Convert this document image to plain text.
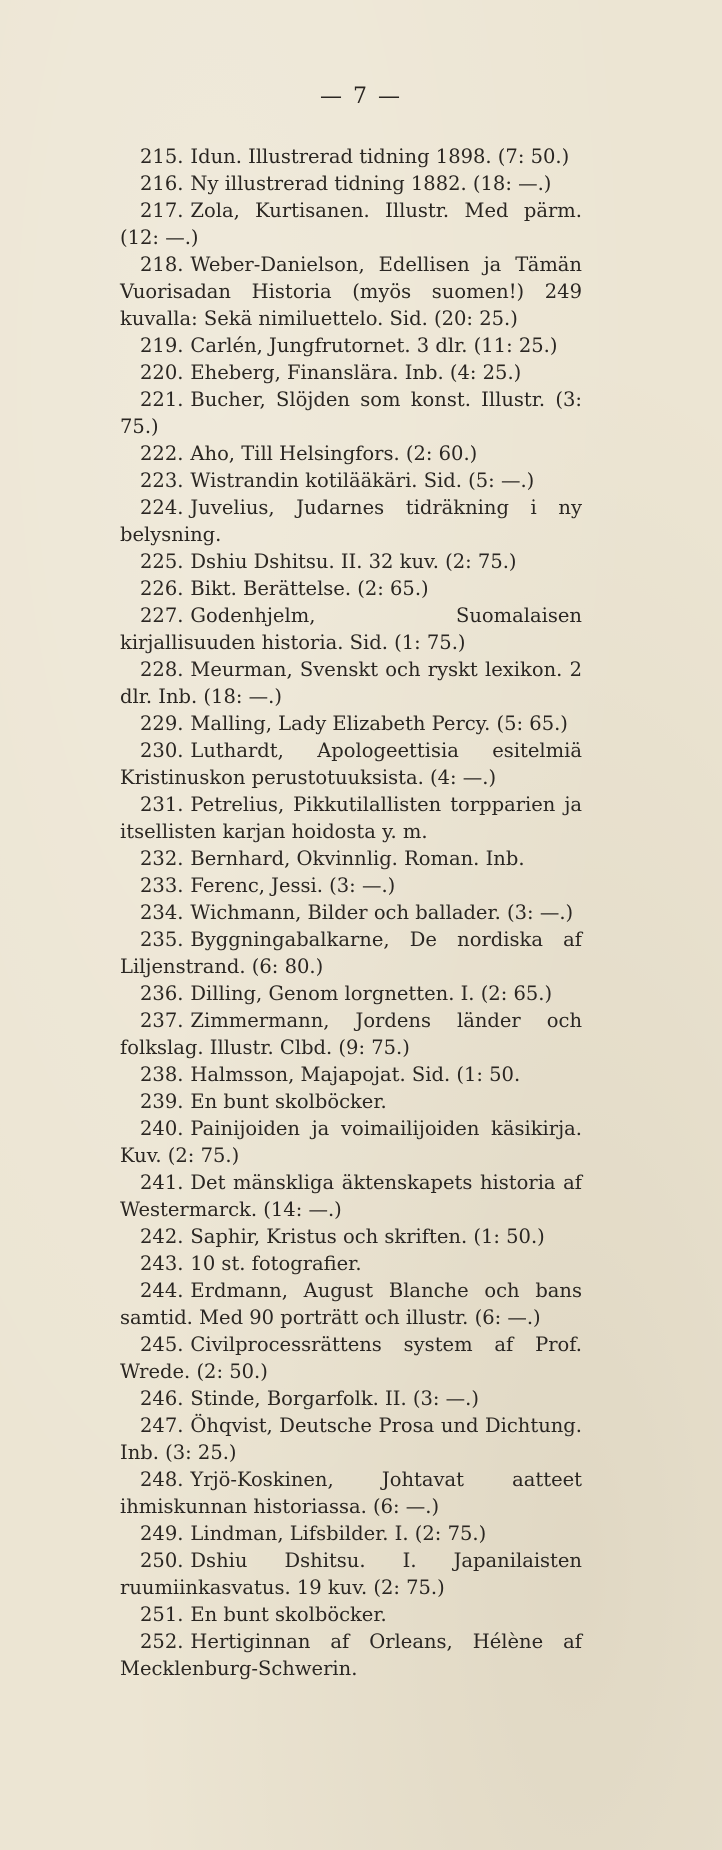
— 7 —

215. Idun. Illustrerad tidning 1898. (7: 50.)

216. Ny illustrerad tidning 1882. (18: —.)

217. Zola, Kurtisanen. Illustr. Med pärm. (12: —.)

218. Weber-Danielson, Edellisen ja Tämän Vuorisadan Historia (myös suomen!) 249 kuvalla: Sekä nimiluettelo. Sid. (20: 25.)

219. Carlén, Jungfrutornet. 3 dlr. (11: 25.)

220. Eheberg, Finanslära. Inb. (4: 25.)

221. Bucher, Slöjden som konst. Illustr. (3: 75.)

222. Aho, Till Helsingfors. (2: 60.)

223. Wistrandin kotilääkäri. Sid. (5: —.)

224. Juvelius, Judarnes tidräkning i ny belysning.

225. Dshiu Dshitsu. II. 32 kuv. (2: 75.)

226. Bikt. Berättelse. (2: 65.)

227. Godenhjelm, Suomalaisen kirjallisuuden historia. Sid. (1: 75.)

228. Meurman, Svenskt och ryskt lexikon. 2 dlr. Inb. (18: —.)

229. Malling, Lady Elizabeth Percy. (5: 65.)

230. Luthardt, Apologeettisia esitelmiä Kristinuskon perustotuuksista. (4: —.)

231. Petrelius, Pikkutilallisten torpparien ja itsellisten karjan hoidosta y. m.

232. Bernhard, Okvinnlig. Roman. Inb.

233. Ferenc, Jessi. (3: —.)

234. Wichmann, Bilder och ballader. (3: —.)

235. Byggningabalkarne, De nordiska af Liljenstrand. (6: 80.)

236. Dilling, Genom lorgnetten. I. (2: 65.)

237. Zimmermann, Jordens länder och folkslag. Illustr. Clbd. (9: 75.)

238. Halmsson, Majapojat. Sid. (1: 50.

239. En bunt skolböcker.

240. Painijoiden ja voimailijoiden käsikirja. Kuv. (2: 75.)

241. Det mänskliga äktenskapets historia af Westermarck. (14: —.)

242. Saphir, Kristus och skriften. (1: 50.)

243. 10 st. fotografier.

244. Erdmann, August Blanche och bans samtid. Med 90 porträtt och illustr. (6: —.)

245. Civilprocessrättens system af Prof. Wrede. (2: 50.)

246. Stinde, Borgarfolk. II. (3: —.)

247. Öhqvist, Deutsche Prosa und Dichtung. Inb. (3: 25.)

248. Yrjö-Koskinen, Johtavat aatteet ihmiskunnan historiassa. (6: —.)

249. Lindman, Lifsbilder. I. (2: 75.)

250. Dshiu Dshitsu. I. Japanilaisten ruumiinkasvatus. 19 kuv. (2: 75.)

251. En bunt skolböcker.

252. Hertiginnan af Orleans, Hélène af Mecklenburg-Schwerin.
